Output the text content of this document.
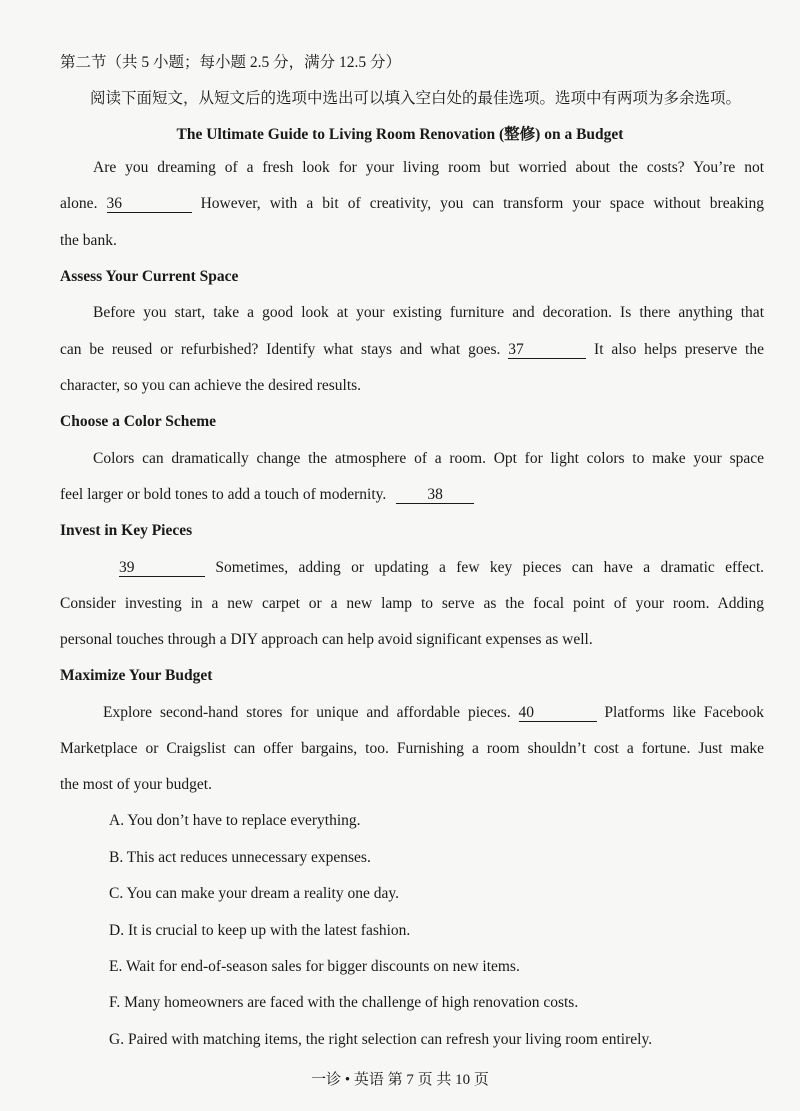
第二节（共 5 小题；每小题 2.5 分，满分 12.5 分）
阅读下面短文，从短文后的选项中选出可以填入空白处的最佳选项。选项中有两项为多余选项。
The Ultimate Guide to Living Room Renovation (整修) on a Budget
Are you dreaming of a fresh look for your living room but worried about the costs? You’re not
alone. 36	However, with a bit of creativity, you can transform your space without breaking
the bank.
Assess Your Current Space
Before you start, take a good look at your existing furniture and decoration. Is there anything that
can be reused or refurbished? Identify what stays and what goes. 37	It also helps preserve the
character, so you can achieve the desired results.
Choose a Color Scheme
Colors can dramatically change the atmosphere of a room. Opt for light colors to make your space
feel larger or bold tones to add a touch of modernity.	38
Invest in Key Pieces
39	Sometimes, adding or updating a few key pieces can have a dramatic effect.
Consider investing in a new carpet or a new lamp to serve as the focal point of your room. Adding
personal touches through a DIY approach can help avoid significant expenses as well.
Maximize Your Budget
Explore second-hand stores for unique and affordable pieces. 40	Platforms like Facebook
Marketplace or Craigslist can offer bargains, too. Furnishing a room shouldn’t cost a fortune. Just make
the most of your budget.
A. You don’t have to replace everything.
B. This act reduces unnecessary expenses.
C. You can make your dream a reality one day.
D. It is crucial to keep up with the latest fashion.
E. Wait for end-of-season sales for bigger discounts on new items.
F. Many homeowners are faced with the challenge of high renovation costs.
G. Paired with matching items, the right selection can refresh your living room entirely.
一诊 • 英语 第 7 页 共 10 页
